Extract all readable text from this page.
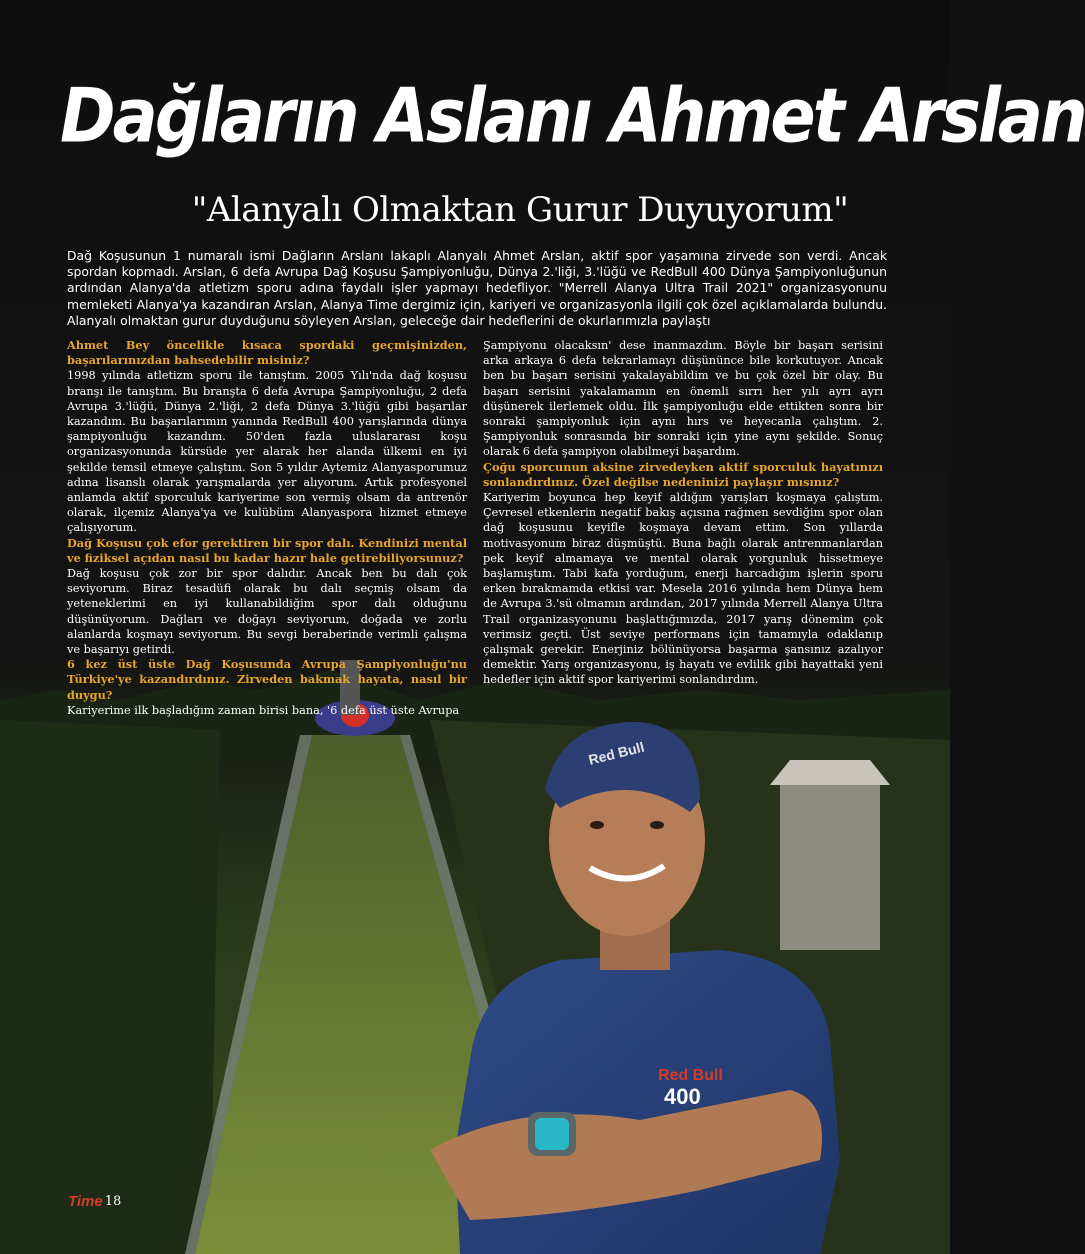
Red Bull
Red Bull
400
Dağların Aslanı Ahmet Arslan
"Alanyalı Olmaktan Gurur Duyuyorum"
Dağ Koşusunun 1 numaralı ismi Dağların Arslanı lakaplı Alanyalı Ahmet Arslan, aktif spor yaşamına zirvede son verdi. Ancak spordan kopmadı. Arslan, 6 defa Avrupa Dağ Koşusu Şampiyonluğu, Dünya 2.'liği, 3.'lüğü ve RedBull 400 Dünya Şampiyonluğunun ardından Alanya'da atletizm sporu adına faydalı işler yapmayı hedefliyor. "Merrell Alanya Ultra Trail 2021" organizasyonunu memleketi Alanya'ya kazandıran Arslan, Alanya Time dergimiz için, kariyeri ve organizasyonla ilgili çok özel açıklamalarda bulundu. Alanyalı olmaktan gurur duyduğunu söyleyen Arslan, geleceğe dair hedeflerini de okurlarımızla paylaştı

Ahmet Bey öncelikle kısaca spordaki geçmişinizden, başarılarınızdan bahsedebilir misiniz?

1998 yılında atletizm sporu ile tanıştım. 2005 Yılı'nda dağ koşusu branşı ile tanıştım. Bu branşta 6 defa Avrupa Şampiyonluğu, 2 defa Avrupa 3.'lüğü, Dünya 2.'liği, 2 defa Dünya 3.'lüğü gibi başarılar kazandım. Bu başarılarımın yanında RedBull 400 yarışlarında dünya şampiyonluğu kazandım. 50'den fazla uluslararası koşu organizasyonunda kürsüde yer alarak her alanda ülkemi en iyi şekilde temsil etmeye çalıştım. Son 5 yıldır Aytemiz Alanyasporumuz adına lisanslı olarak yarışmalarda yer alıyorum. Artık profesyonel anlamda aktif sporculuk kariyerime son vermiş olsam da antrenör olarak, ilçemiz Alanya'ya ve kulübüm Alanyaspora hizmet etmeye çalışıyorum.

Dağ Koşusu çok efor gerektiren bir spor dalı. Kendinizi mental ve fiziksel açıdan nasıl bu kadar hazır hale getirebiliyorsunuz?

Dağ koşusu çok zor bir spor dalıdır. Ancak ben bu dalı çok seviyorum. Biraz tesadüfi olarak bu dalı seçmiş olsam da yeteneklerimi en iyi kullanabildiğim spor dalı olduğunu düşünüyorum. Dağları ve doğayı seviyorum, doğada ve zorlu alanlarda koşmayı seviyorum. Bu sevgi beraberinde verimli çalışma ve başarıyı getirdi.

6 kez üst üste Dağ Koşusunda Avrupa Şampiyonluğu'nu Türkiye'ye kazandırdınız. Zirveden bakmak hayata, nasıl bir duygu?

Kariyerime ilk başladığım zaman birisi bana, '6 defa üst üste Avrupa

Şampiyonu olacaksın' dese inanmazdım. Böyle bir başarı serisini arka arkaya 6 defa tekrarlamayı düşününce bile korkutuyor. Ancak ben bu başarı serisini yakalayabildim ve bu çok özel bir olay. Bu başarı serisini yakalamamın en önemli sırrı her yılı ayrı ayrı düşünerek ilerlemek oldu. İlk şampiyonluğu elde ettikten sonra bir sonraki şampiyonluk için aynı hırs ve heyecanla çalıştım. 2. Şampiyonluk sonrasında bir sonraki için yine aynı şekilde. Sonuç olarak 6 defa şampiyon olabilmeyi başardım.

Çoğu sporcunun aksine zirvedeyken aktif sporculuk hayatınızı sonlandırdınız. Özel değilse nedeninizi paylaşır mısınız?

Kariyerim boyunca hep keyif aldığım yarışları koşmaya çalıştım. Çevresel etkenlerin negatif bakış açısına rağmen sevdiğim spor olan dağ koşusunu keyifle koşmaya devam ettim. Son yıllarda motivasyonum biraz düşmüştü. Buna bağlı olarak antrenmanlardan pek keyif almamaya ve mental olarak yorgunluk hissetmeye başlamıştım. Tabi kafa yorduğum, enerji harcadığım işlerin sporu erken bırakmamda etkisi var. Mesela 2016 yılında hem Dünya hem de Avrupa 3.'sü olmamın ardından, 2017 yılında Merrell Alanya Ultra Trail organizasyonunu başlattığımızda, 2017 yarış dönemim çok verimsiz geçti. Üst seviye performans için tamamıyla odaklanıp çalışmak gerekir. Enerjiniz bölünüyorsa başarma şansınız azalıyor demektir. Yarış organizasyonu, iş hayatı ve evlilik gibi hayattaki yeni hedefler için aktif spor kariyerimi sonlandırdım.

Time 18
